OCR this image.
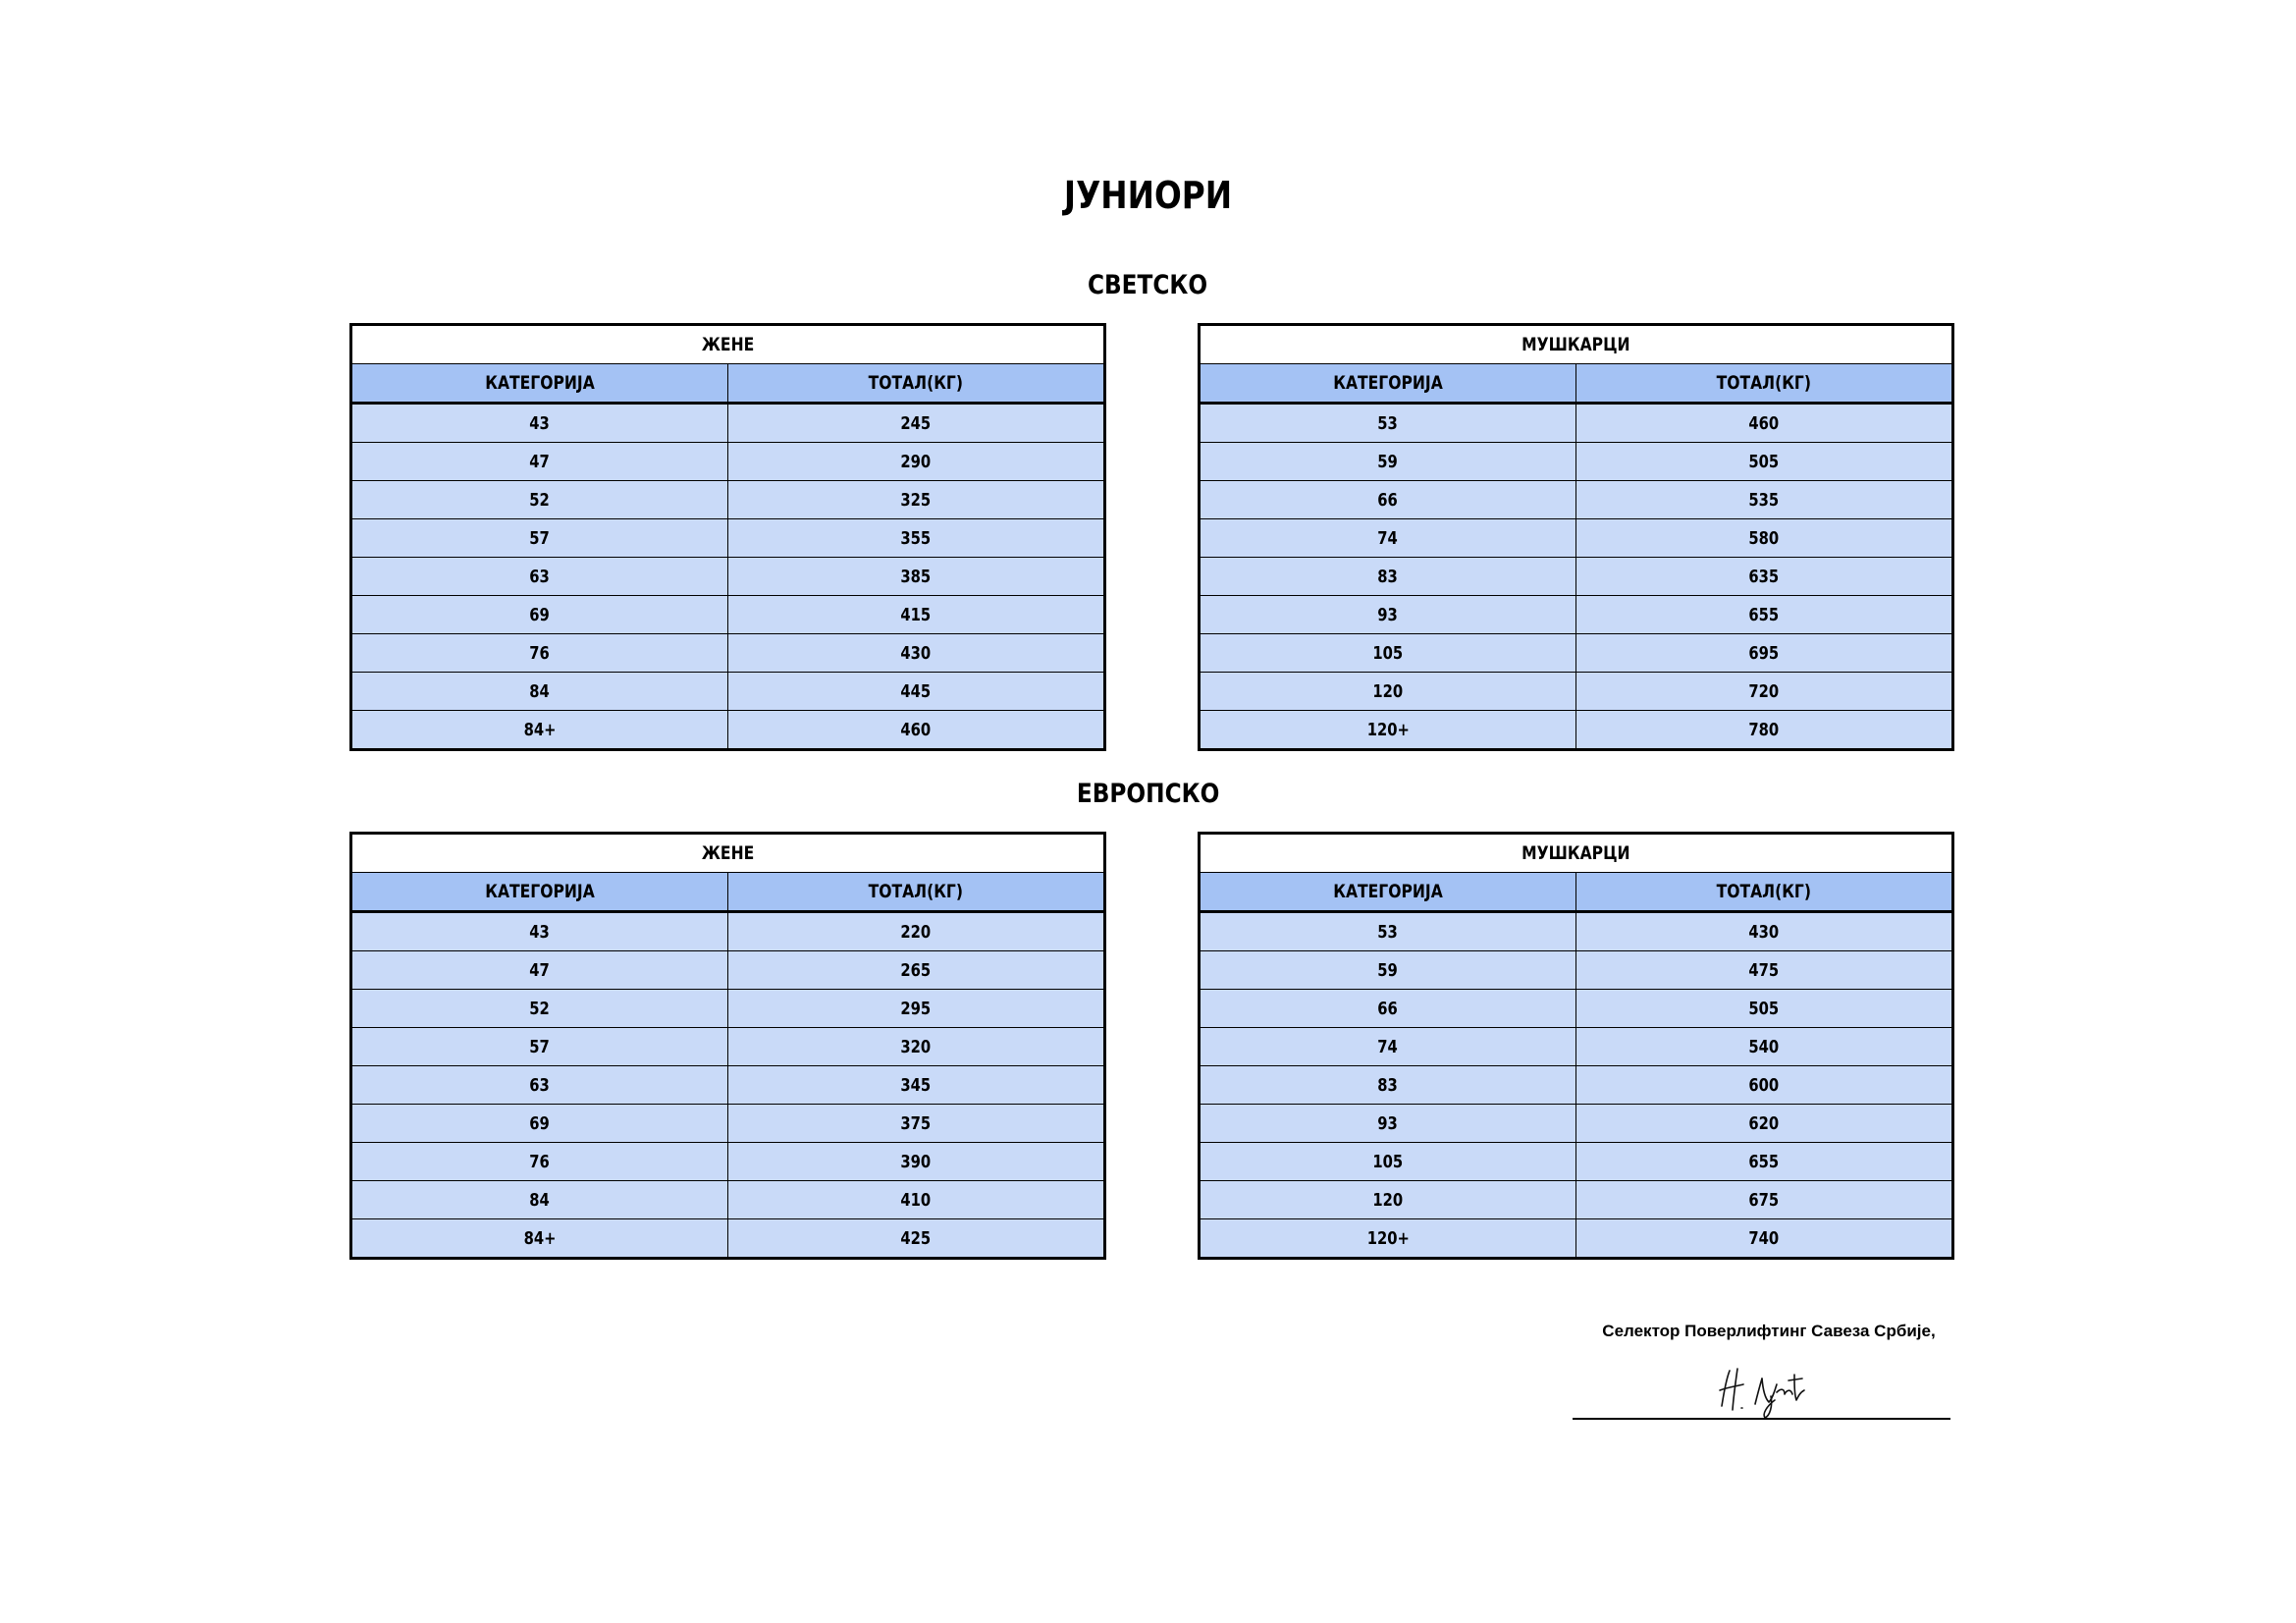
ЈУНИОРИ
СВЕТСКО
ЖЕНЕ	
КАТЕГОРИЈА	ТОТАЛ(КГ)
43	245
47	290
52	325
57	355
63	385
69	415
76	430
84	445
84+	460
МУШКАРЦИ	
КАТЕГОРИЈА	ТОТАЛ(КГ)
53	460
59	505
66	535
74	580
83	635
93	655
105	695
120	720
120+	780
ЕВРОПСКО
ЖЕНЕ	
КАТЕГОРИЈА	ТОТАЛ(КГ)
43	220
47	265
52	295
57	320
63	345
69	375
76	390
84	410
84+	425
МУШКАРЦИ	
КАТЕГОРИЈА	ТОТАЛ(КГ)
53	430
59	475
66	505
74	540
83	600
93	620
105	655
120	675
120+	740
Селектор Поверлифтинг Савеза Србије,
